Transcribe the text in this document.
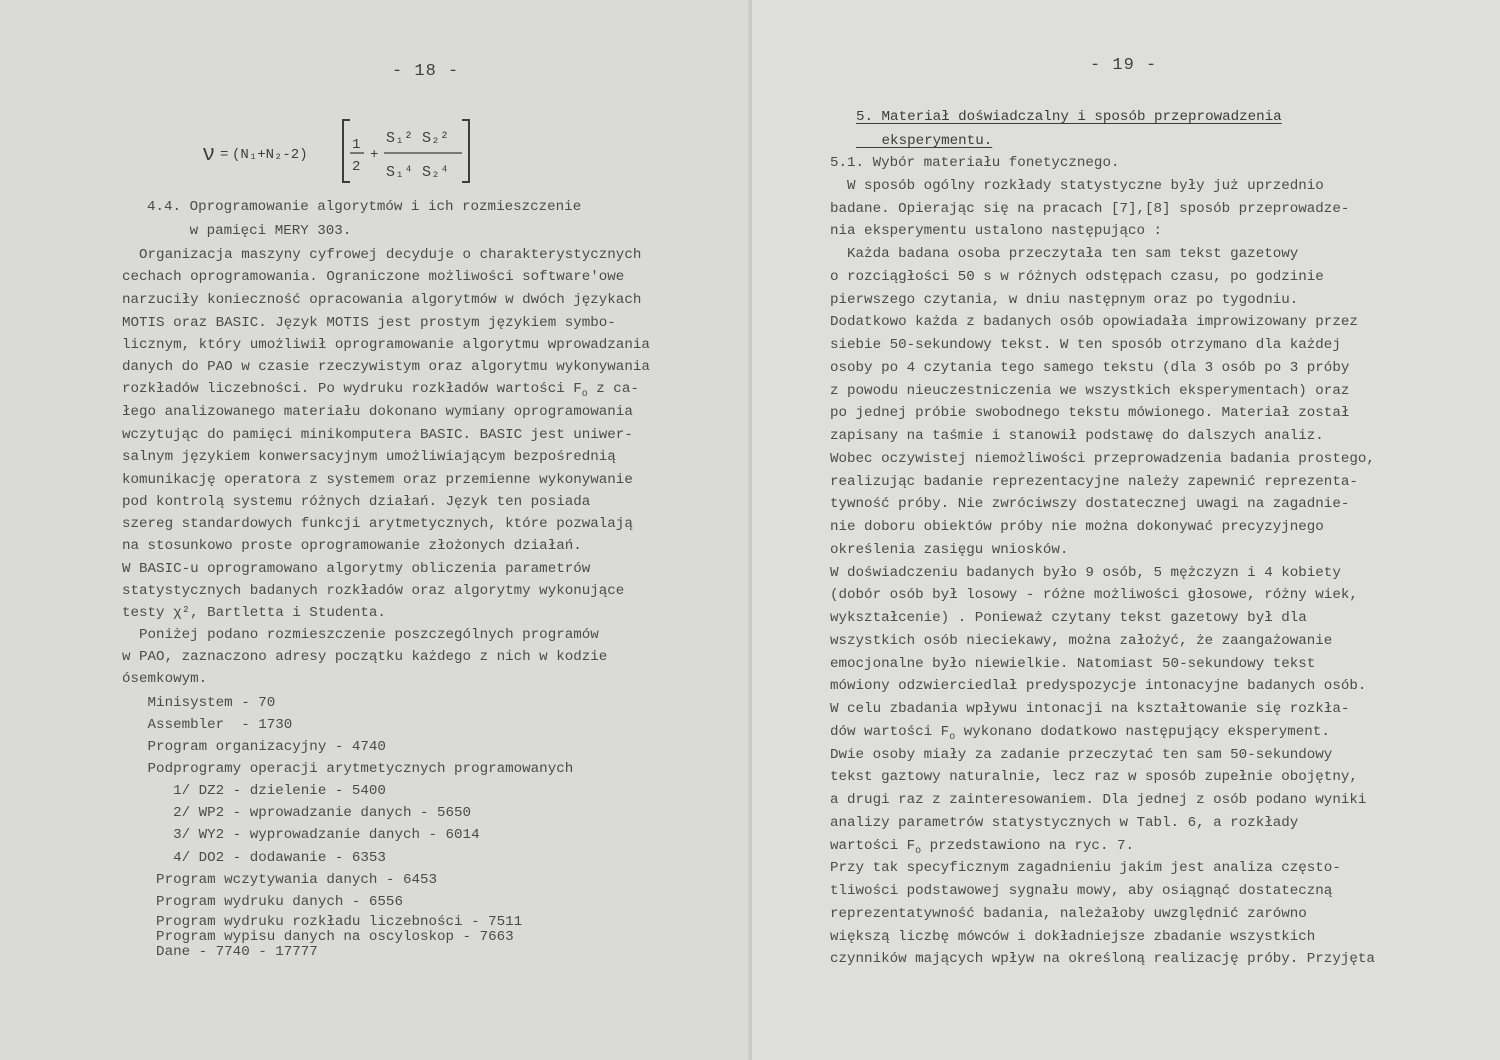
- 18 -
ν = (N₁+N₂-2)
1
2
+
S₁² S₂²
S₁⁴ S₂⁴
4.4. Oprogramowanie algorytmów i ich rozmieszczenie
w pamięci MERY 303.
Organizacja maszyny cyfrowej decyduje o charakterystycznych
cechach oprogramowania. Ograniczone możliwości software'owe
narzuciły konieczność opracowania algorytmów w dwóch językach
MOTIS oraz BASIC. Język MOTIS jest prostym językiem symbo-
licznym, który umożliwił oprogramowanie algorytmu wprowadzania
danych do PAO w czasie rzeczywistym oraz algorytmu wykonywania
rozkładów liczebności. Po wydruku rozkładów wartości $F_o$ z ca-
łego analizowanego materiału dokonano wymiany oprogramowania
wczytując do pamięci minikomputera BASIC. BASIC jest uniwer-
salnym językiem konwersacyjnym umożliwiającym bezpośrednią
komunikację operatora z systemem oraz przemienne wykonywanie
pod kontrolą systemu różnych działań. Język ten posiada
szereg standardowych funkcji arytmetycznych, które pozwalają
na stosunkowo proste oprogramowanie złożonych działań.
W BASIC-u oprogramowano algorytmy obliczenia parametrów
statystycznych badanych rozkładów oraz algorytmy wykonujące
testy χ², Bartletta i Studenta.
Poniżej podano rozmieszczenie poszczególnych programów
w PAO, zaznaczono adresy początku każdego z nich w kodzie
ósemkowym.
Minisystem - 70
Assembler  - 1730
Program organizacyjny - 4740
Podprogramy operacji arytmetycznych programowanych
1/ DZ2 - dzielenie - 5400
2/ WP2 - wprowadzanie danych - 5650
3/ WY2 - wyprowadzanie danych - 6014
4/ DO2 - dodawanie - 6353
Program wczytywania danych - 6453
Program wydruku danych - 6556
Program wydruku rozkładu liczebności - 7511
Program wypisu danych na oscyloskop - 7663
Dane - 7740 - 17777
- 19 -
5. Materiał doświadczalny i sposób przeprowadzenia
eksperymentu.
5.1. Wybór materiału fonetycznego.
W sposób ogólny rozkłady statystyczne były już uprzednio
badane. Opierając się na pracach [7],[8] sposób przeprowadze-
nia eksperymentu ustalono następująco :
Każda badana osoba przeczytała ten sam tekst gazetowy
o rozciągłości 50 s w różnych odstępach czasu, po godzinie
pierwszego czytania, w dniu następnym oraz po tygodniu.
Dodatkowo każda z badanych osób opowiadała improwizowany przez
siebie 50-sekundowy tekst. W ten sposób otrzymano dla każdej
osoby po 4 czytania tego samego tekstu (dla 3 osób po 3 próby
z powodu nieuczestniczenia we wszystkich eksperymentach) oraz
po jednej próbie swobodnego tekstu mówionego. Materiał został
zapisany na taśmie i stanowił podstawę do dalszych analiz.
Wobec oczywistej niemożliwości przeprowadzenia badania prostego,
realizując badanie reprezentacyjne należy zapewnić reprezenta-
tywność próby. Nie zwróciwszy dostatecznej uwagi na zagadnie-
nie doboru obiektów próby nie można dokonywać precyzyjnego
określenia zasięgu wniosków.
W doświadczeniu badanych było 9 osób, 5 mężczyzn i 4 kobiety
(dobór osób był losowy - różne możliwości głosowe, różny wiek,
wykształcenie) . Ponieważ czytany tekst gazetowy był dla
wszystkich osób nieciekawy, można założyć, że zaangażowanie
emocjonalne było niewielkie. Natomiast 50-sekundowy tekst
mówiony odzwierciedlał predyspozycje intonacyjne badanych osób.
W celu zbadania wpływu intonacji na kształtowanie się rozkła-
dów wartości $F_o$ wykonano dodatkowo następujący eksperyment.
Dwie osoby miały za zadanie przeczytać ten sam 50-sekundowy
tekst gaztowy naturalnie, lecz raz w sposób zupełnie obojętny,
a drugi raz z zainteresowaniem. Dla jednej z osób podano wyniki
analizy parametrów statystycznych w Tabl. 6, a rozkłady
wartości $F_o$ przedstawiono na ryc. 7.
Przy tak specyficznym zagadnieniu jakim jest analiza często-
tliwości podstawowej sygnału mowy, aby osiągnąć dostateczną
reprezentatywność badania, należałoby uwzględnić zarówno
większą liczbę mówców i dokładniejsze zbadanie wszystkich
czynników mających wpływ na określoną realizację próby. Przyjęta
